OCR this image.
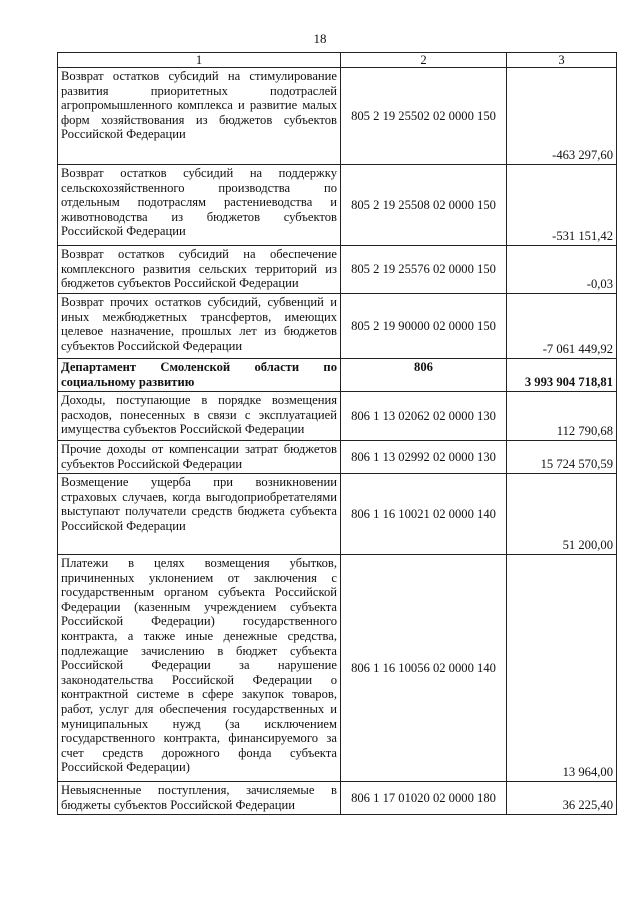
18
1	2	3
Возврат остатков субсидий на стимулирование развития приоритетных подотраслей агропромышленного комплекса и развитие малых форм хозяйствования из бюджетов субъектов Российской Федерации	805 2 19 25502 02 0000 150	-463 297,60
Возврат остатков субсидий на поддержку сельскохозяйственного производства по отдельным подотраслям растениеводства и животноводства из бюджетов субъектов Российской Федерации	805 2 19 25508 02 0000 150	-531 151,42
Возврат остатков субсидий на обеспечение комплексного развития сельских территорий из бюджетов субъектов Российской Федерации	805 2 19 25576 02 0000 150	-0,03
Возврат прочих остатков субсидий, субвенций и иных межбюджетных трансфертов, имеющих целевое назначение, прошлых лет из бюджетов субъектов Российской Федерации	805 2 19 90000 02 0000 150	-7 061 449,92
Департамент Смоленской области по социальному развитию	806	3 993 904 718,81
Доходы, поступающие в порядке возмещения расходов, понесенных в связи с эксплуатацией имущества субъектов Российской Федерации	806 1 13 02062 02 0000 130	112 790,68
Прочие доходы от компенсации затрат бюджетов субъектов Российской Федерации	806 1 13 02992 02 0000 130	15 724 570,59
Возмещение ущерба при возникновении страховых случаев, когда выгодоприобретателями выступают получатели средств бюджета субъекта Российской Федерации	806 1 16 10021 02 0000 140	51 200,00
Платежи в целях возмещения убытков, причиненных уклонением от заключения с государственным органом субъекта Российской Федерации (казенным учреждением субъекта Российской Федерации) государственного контракта, а также иные денежные средства, подлежащие зачислению в бюджет субъекта Российской Федерации за нарушение законодательства Российской Федерации о контрактной системе в сфере закупок товаров, работ, услуг для обеспечения государственных и муниципальных нужд (за исключением государственного контракта, финансируемого за счет средств дорожного фонда субъекта Российской Федерации)	806 1 16 10056 02 0000 140	13 964,00
Невыясненные поступления, зачисляемые в бюджеты субъектов Российской Федерации	806 1 17 01020 02 0000 180	36 225,40
